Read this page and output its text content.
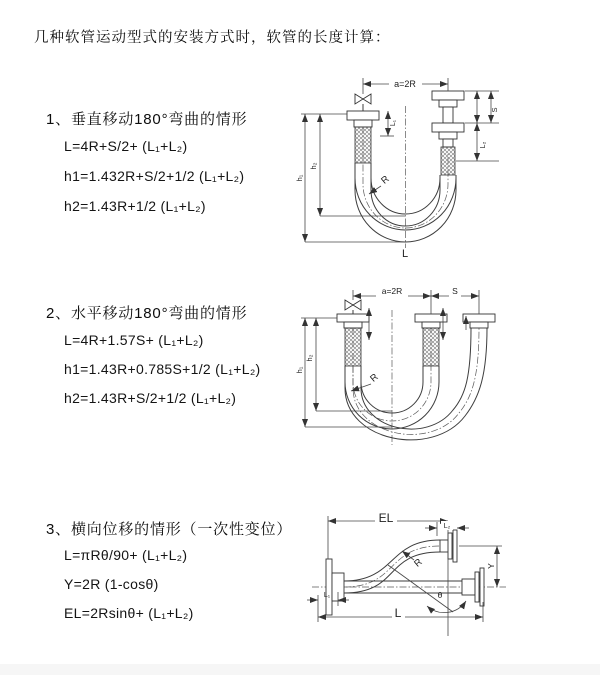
几种软管运动型式的安装方式时，软管的长度计算：

1、垂直移动180°弯曲的情形

L=4R+S/2+ (L₁+L₂)

h1=1.432R+S/2+1/2 (L₁+L₂)

h2=1.43R+1/2 (L₁+L₂)

2、水平移动180°弯曲的情形

L=4R+1.57S+ (L₁+L₂)

h1=1.43R+0.785S+1/2 (L₁+L₂)

h2=1.43R+S/2+1/2 (L₁+L₂)

3、横向位移的情形（一次性变位）

L=πRθ/90+ (L₁+L₂)

Y=2R (1-cosθ)

EL=2Rsinθ+ (L₁+L₂)

a=2R
L₁
h₁
h₂
S
L₂
R
L
a=2R	S
h₁
h₂
R
EL
L₂
Y
L₁
L
R
θ
